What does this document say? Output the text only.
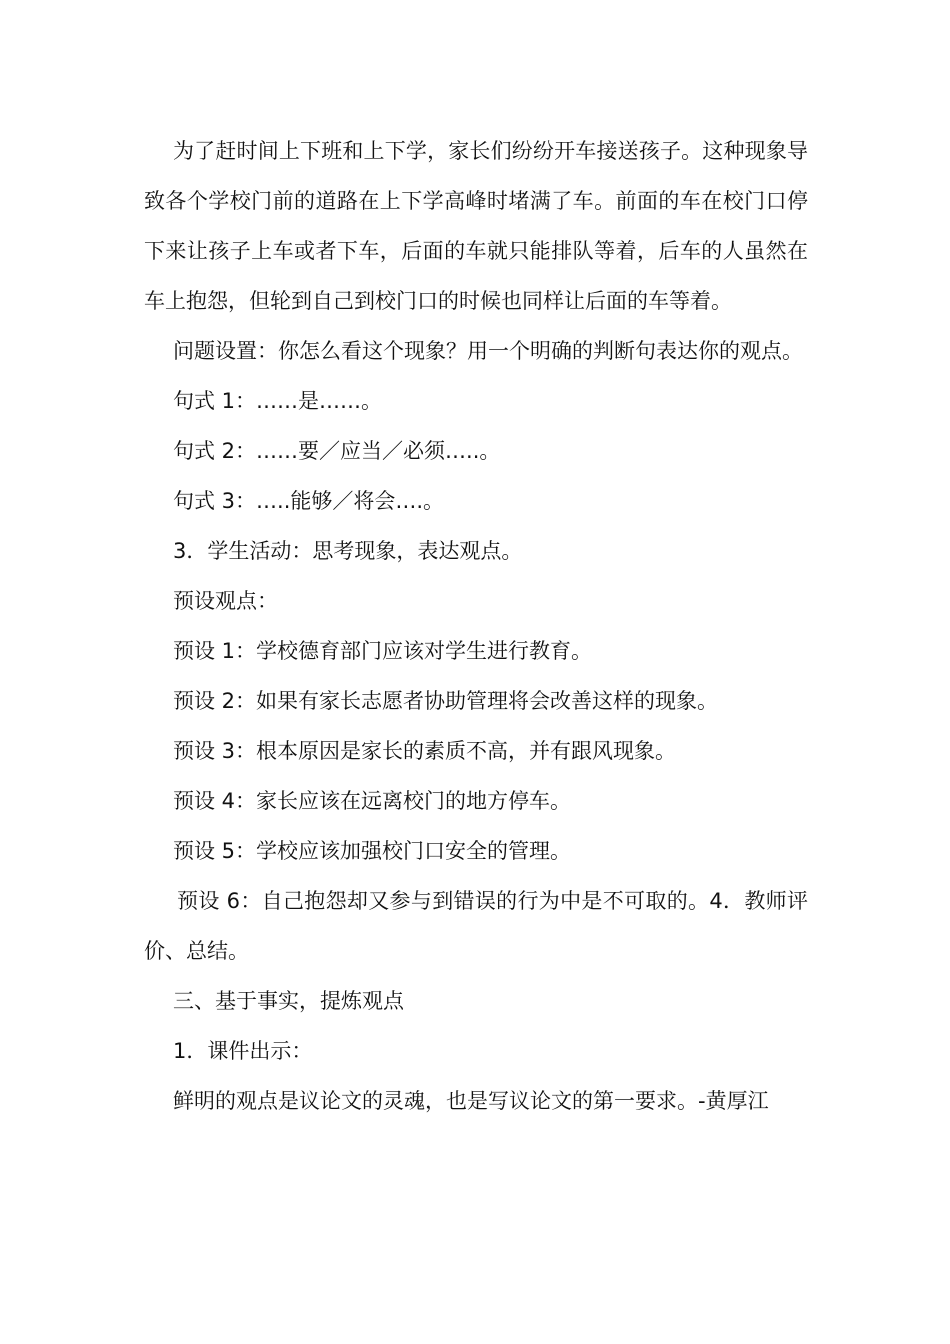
为了赶时间上下班和上下学，家长们纷纷开车接送孩子。这种现象导致各个学校门前的道路在上下学高峰时堵满了车。前面的车在校门口停下来让孩子上车或者下车，后面的车就只能排队等着，后车的人虽然在车上抱怨，但轮到自己到校门口的时候也同样让后面的车等着。

问题设置：你怎么看这个现象？用一个明确的判断句表达你的观点。

句式 1：……是……。

句式 2：……要／应当／必须…..。

句式 3：…..能够／将会….。

3．学生活动：思考现象，表达观点。

预设观点：

预设 1：学校德育部门应该对学生进行教育。

预设 2：如果有家长志愿者协助管理将会改善这样的现象。

预设 3：根本原因是家长的素质不高，并有跟风现象。

预设 4：家长应该在远离校门的地方停车。

预设 5：学校应该加强校门口安全的管理。

预设 6：自己抱怨却又参与到错误的行为中是不可取的。4．教师评价、总结。

三、基于事实，提炼观点

1．课件出示：

鲜明的观点是议论文的灵魂，也是写议论文的第一要求。-黄厚江
